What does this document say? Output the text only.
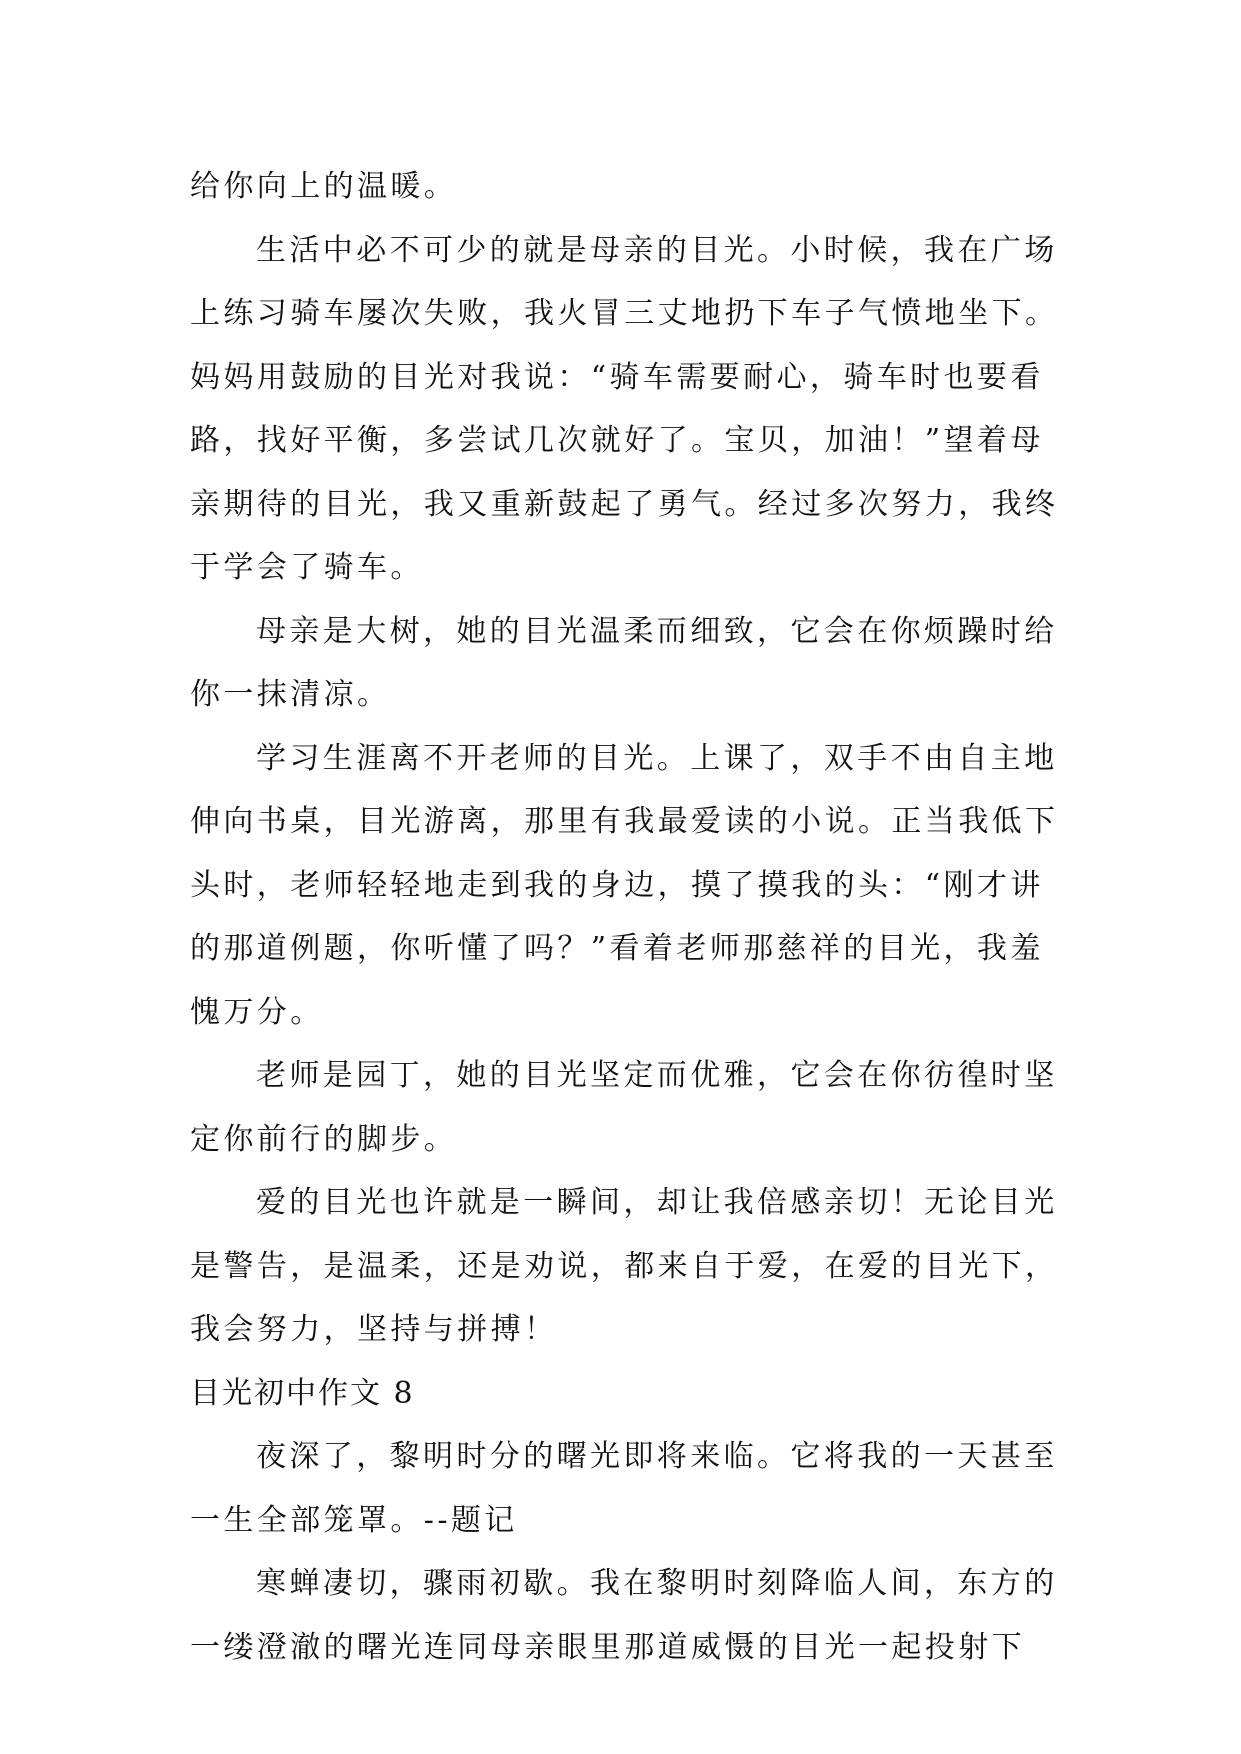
给你向上的温暖。
生活中必不可少的就是母亲的目光。小时候，我在广场
上练习骑车屡次失败，我火冒三丈地扔下车子气愤地坐下。
妈妈用鼓励的目光对我说：“骑车需要耐心，骑车时也要看
路，找好平衡，多尝试几次就好了。宝贝，加油！”望着母
亲期待的目光，我又重新鼓起了勇气。经过多次努力，我终
于学会了骑车。
母亲是大树，她的目光温柔而细致，它会在你烦躁时给
你一抹清凉。
学习生涯离不开老师的目光。上课了，双手不由自主地
伸向书桌，目光游离，那里有我最爱读的小说。正当我低下
头时，老师轻轻地走到我的身边，摸了摸我的头：“刚才讲
的那道例题，你听懂了吗？”看着老师那慈祥的目光，我羞
愧万分。
老师是园丁，她的目光坚定而优雅，它会在你彷徨时坚
定你前行的脚步。
爱的目光也许就是一瞬间，却让我倍感亲切！无论目光
是警告，是温柔，还是劝说，都来自于爱，在爱的目光下，
我会努力，坚持与拼搏！
目光初中作文 8
夜深了，黎明时分的曙光即将来临。它将我的一天甚至
一生全部笼罩。--题记
寒蝉凄切，骤雨初歇。我在黎明时刻降临人间，东方的
一缕澄澈的曙光连同母亲眼里那道威慑的目光一起投射下
